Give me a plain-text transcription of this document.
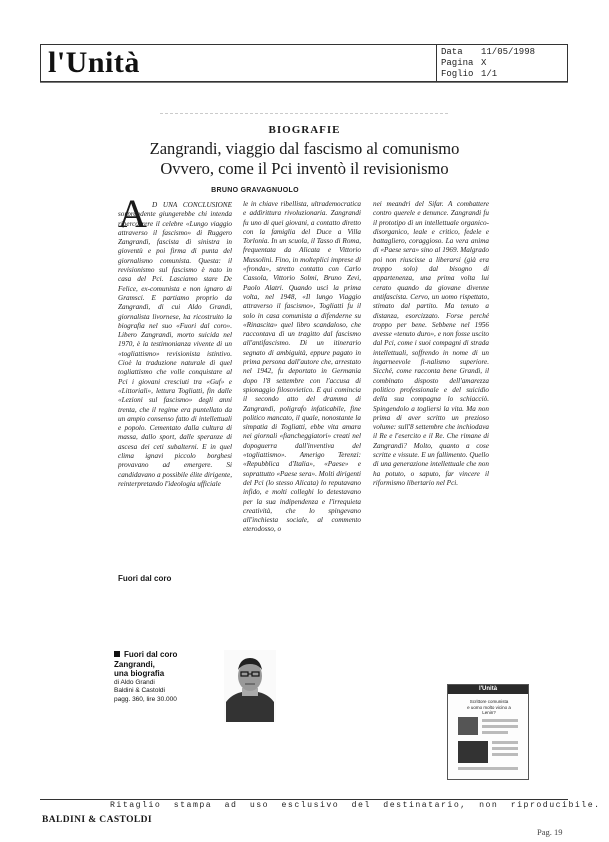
l'Unità	Data 11/05/1998
Pagina X
Foglio 1/1
BIOGRAFIE
Zangrandi, viaggio dal fascismo al comunismo
Ovvero, come il Pci inventò il revisionismo
BRUNO GRAVAGNUOLO
A D UNA CONCLUSIONE sorprendente giungerebbe chi intenda ripercorrere il celebre «Lungo viaggio attraverso il fascismo» di Ruggero Zangrandi, fascista di sinistra in gioventù e poi firma di punta del giornalismo comunista. Questa: il revisionismo sul fascismo è nato in casa del Pci. Lasciamo stare De Felice, ex-comunista e non ignaro di Gramsci. E partiamo proprio da Zangrandi, di cui Aldo Grandi, giornalista livornese, ha ricostruito la biografia nel suo «Fuori dal coro». Libero Zangrandi, morto suicida nel 1970, è la testimonianza vivente di un «togliattismo» revisionista istintivo. Cioè la traduzione naturale di quel togliattismo che volle conquistare al Pci i giovani cresciuti tra «Guf» e «Littoriali», lettura Togliatti, fin dalle «Lezioni sul fascismo» degli anni trenta, che il regime era puntellato da un ampio consenso fatto di intellettuali e popolo. Cementato dalla cultura di massa, dallo sport, dalle speranze di ascesa dei ceti subalterni. E in quel clima ignavi piccolo borghesi provavano ad emergere. Si candidavano a possibile élite dirigente, reinterpretando l'ideologia ufficiale

Fuori dal coro

le in chiave ribellista, ultrademocratica e addirittura rivoluzionaria. Zangrandi fu uno di quei giovani, a contatto diretto con la famiglia del Duce a Villa Torlonia. In un scuola, il Tasso di Roma, frequentata da Alicata e Vittorio Mussolini. Fino, in molteplici imprese di «fronda», stretto contatto con Carlo Cassola, Vittorio Solmi, Bruno Zevi, Paolo Alatri. Quando uscì la prima volta, nel 1948, «Il lungo Viaggio attraverso il fascismo», Togliatti fu il solo in casa comunista a difenderne su «Rinascita» quel libro scandaloso, che raccontava di un tragitto dal fascismo all'antifascismo. Di un itinerario segnato di ambiguità, eppure pagato in prima persona dall'autore che, arrestato nel 1942, fu deportato in Germania dopo l'8 settembre con l'accusa di spionaggio filosovietico. E qui comincia il secondo atto del dramma di Zangrandi, poligrafo infaticabile, fine politico mancato, il quale, nonostante la simpatia di Togliatti, ebbe vita amara nei giornali «fiancheggiatori» creati nel dopoguerra dall'inventiva del «togliattismo». Amerigo Terenzi: «Repubblica d'Italia», «Paese» e soprattutto «Paese sera». Molti dirigenti del Pci (lo stesso Alicata) lo reputavano infido, e molti colleghi lo detestavano per la sua indipendenza e l'irrequieta creatività, che lo spingevano all'inchiesta sociale, al commento eterodosso, o

nei meandri del Sifar. A combattere contro querele e denunce. Zangrandi fu il prototipo di un intellettuale organico-disorganico, leale e critico, fedele e battagliero, coraggioso. La vera anima di «Paese sera» sino al 1969. Malgrado poi non riuscisse a liberarsi (già era troppo solo) dal bisogno di appartenenza, una prima volta lui cerato quando da giovane divenne antifascista. Cervo, un uomo rispettato, stimato dal partito. Ma tenuto a distanza, esorcizzato. Forse perché troppo per bene. Sebbene nel 1956 avesse «tenuto duro», e non fosse uscito dal Pci, come i suoi compagni di strada intellettuali, soffrendo in nome di un ingarneevole fi-nalismo superiore. Sicché, come racconta bene Grandi, il combinato disposto dell'amarezza politico professionale e del suicidio della sua compagna lo schiacciò. Spingendolo a togliersi la vita. Ma non prima di aver scritto un prezioso volume: sull'8 settembre che inchiodava il Re e l'esercito e il Re. Che rimane di Zangrandi? Molto, quanto a cose scritte e vissute. E un fallimento. Quello di una generazione intellettuale che non ha potuto, o saputo, far vincere il riformismo libertario nel Pci.

Fuori dal coro
Zangrandi,
una biografia
di Aldo Grandi
Baldini & Castoldi
pagg. 360, lire 30.000
l'Unità
Scrittore comunista
e uomo molto vicino a Lenin?
Ritaglio stampa ad uso esclusivo del destinatario, non riproducibile.
BALDINI & CASTOLDI
Pag. 19
